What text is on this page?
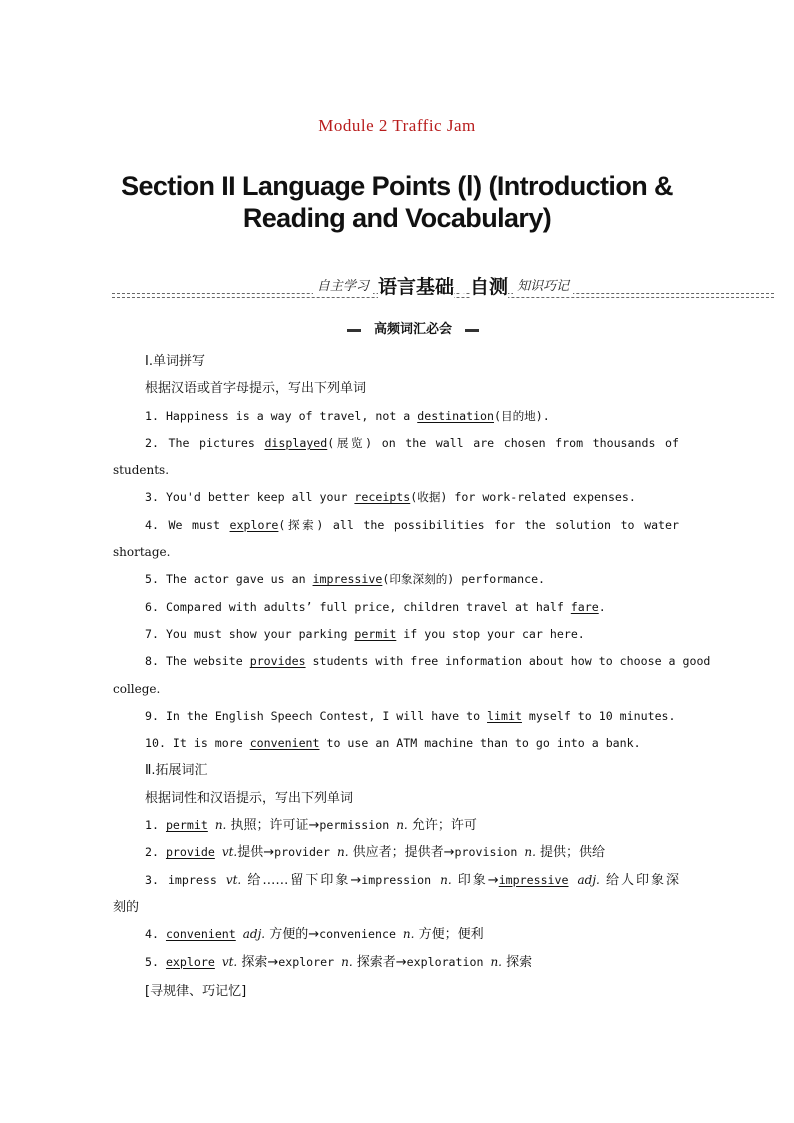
Module 2 Traffic Jam
Section II Language Points (Ⅰ) (Introduction &
Reading and Vocabulary)
自主学习 语言基础 » 自测 知识巧记
高频词汇必会
Ⅰ.单词拼写
根据汉语或首字母提示，写出下列单词
1. Happiness is a way of travel, not a destination(目的地).
2. The pictures displayed(展览) on the wall are chosen from thousands of
students.
3. You'd better keep all your receipts(收据) for work-related expenses.
4. We must explore(探索) all the possibilities for the solution to water
shortage.
5. The actor gave us an impressive(印象深刻的) performance.
6. Compared with adults’ full price, children travel at half fare.
7. You must show your parking permit if you stop your car here.
8. The website provides students with free information about how to choose a good
college.
9. In the English Speech Contest, I will have to limit myself to 10 minutes.
10. It is more convenient to use an ATM machine than to go into a bank.
Ⅱ.拓展词汇
根据词性和汉语提示，写出下列单词
1. permit n. 执照；许可证→permission n. 允许；许可
2. provide vt.提供→provider n. 供应者；提供者→provision n. 提供；供给
3. impress vt. 给……留下印象→impression n. 印象→impressive adj. 给人印象深
刻的
4. convenient adj. 方便的→convenience n. 方便；便利
5. explore vt. 探索→explorer n. 探索者→exploration n. 探索
[寻规律、巧记忆]
